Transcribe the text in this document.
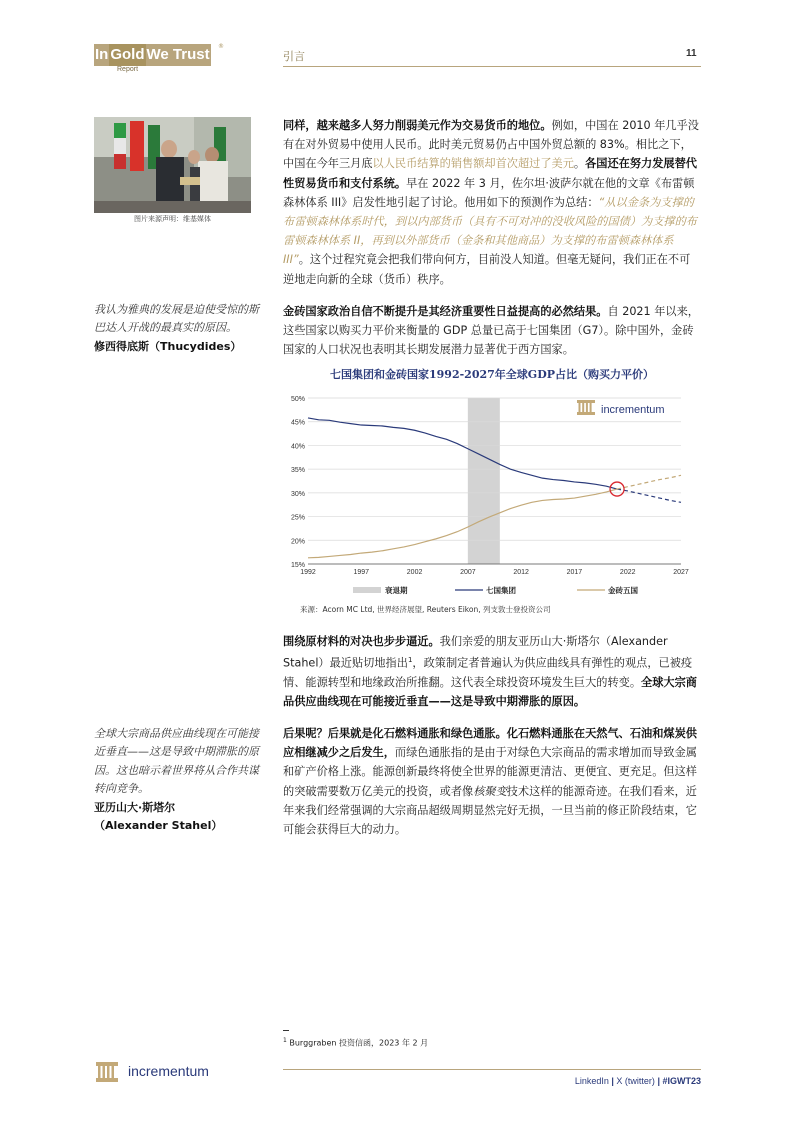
In Gold We Trust ®
Report
引言	11
图片来源声明：维基媒体
同样，越来越多人努力削弱美元作为交易货币的地位。例如，中国在 2010 年几乎没有在对外贸易中使用人民币。此时美元贸易仍占中国外贸总额的 83%。相比之下，中国在今年三月底以人民币结算的销售额却首次超过了美元。各国还在努力发展替代性贸易货币和支付系统。早在 2022 年 3 月，佐尔坦·波萨尔就在他的文章《布雷顿森林体系 III》启发性地引起了讨论。他用如下的预测作为总结：“从以金条为支撑的布雷顿森林体系时代，到以内部货币（具有不可对冲的没收风险的国债）为支撑的布雷顿森林体系 II，再到以外部货币（金条和其他商品）为支撑的布雷顿森林体系 III”。这个过程究竟会把我们带向何方，目前没人知道。但毫无疑问，我们正在不可逆地走向新的全球（货币）秩序。
我认为雅典的发展是迫使受惊的斯巴达人开战的最真实的原因。
修西得底斯（Thucydides）
金砖国家政治自信不断提升是其经济重要性日益提高的必然结果。自 2021 年以来，这些国家以购买力平价来衡量的 GDP 总量已高于七国集团（G7）。除中国外，金砖国家的人口状况也表明其长期发展潜力显著优于西方国家。
七国集团和金砖国家1992-2027年全球GDP占比（购买力平价）
15%
20%
25%
30%
35%
40%
45%
50%
1992	1997	2002	2007	2012	2017	2022	2027
衰退期	七国集团	金砖五国
incrementum
来源：Acorn MC Ltd, 世界经济展望, Reuters Eikon, 列支敦士登投资公司
围绕原材料的对决也步步逼近。我们亲爱的朋友亚历山大·斯塔尔（Alexander Stahel）最近贴切地指出$^1$，政策制定者普遍认为供应曲线具有弹性的观点，已被疫情、能源转型和地缘政治所推翻。这代表全球投资环境发生巨大的转变。全球大宗商品供应曲线现在可能接近垂直——这是导致中期滞胀的原因。
全球大宗商品供应曲线现在可能接近垂直——这是导致中期滞胀的原因。这也暗示着世界将从合作共谋转向竞争。
亚历山大·斯塔尔
（Alexander Stahel）
后果呢？后果就是化石燃料通胀和绿色通胀。化石燃料通胀在天然气、石油和煤炭供应相继减少之后发生，而绿色通胀指的是由于对绿色大宗商品的需求增加而导致金属和矿产价格上涨。能源创新最终将使全世界的能源更清洁、更便宜、更充足。但这样的突破需要数万亿美元的投资，或者像核聚变技术这样的能源奇迹。在我们看来，近年来我们经常强调的大宗商品超级周期显然完好无损，一旦当前的修正阶段结束，它可能会获得巨大的动力。
$^1$ Burggraben 投资信函，2023 年 2 月
incrementum
LinkedIn | X (twitter) | #IGWT23
